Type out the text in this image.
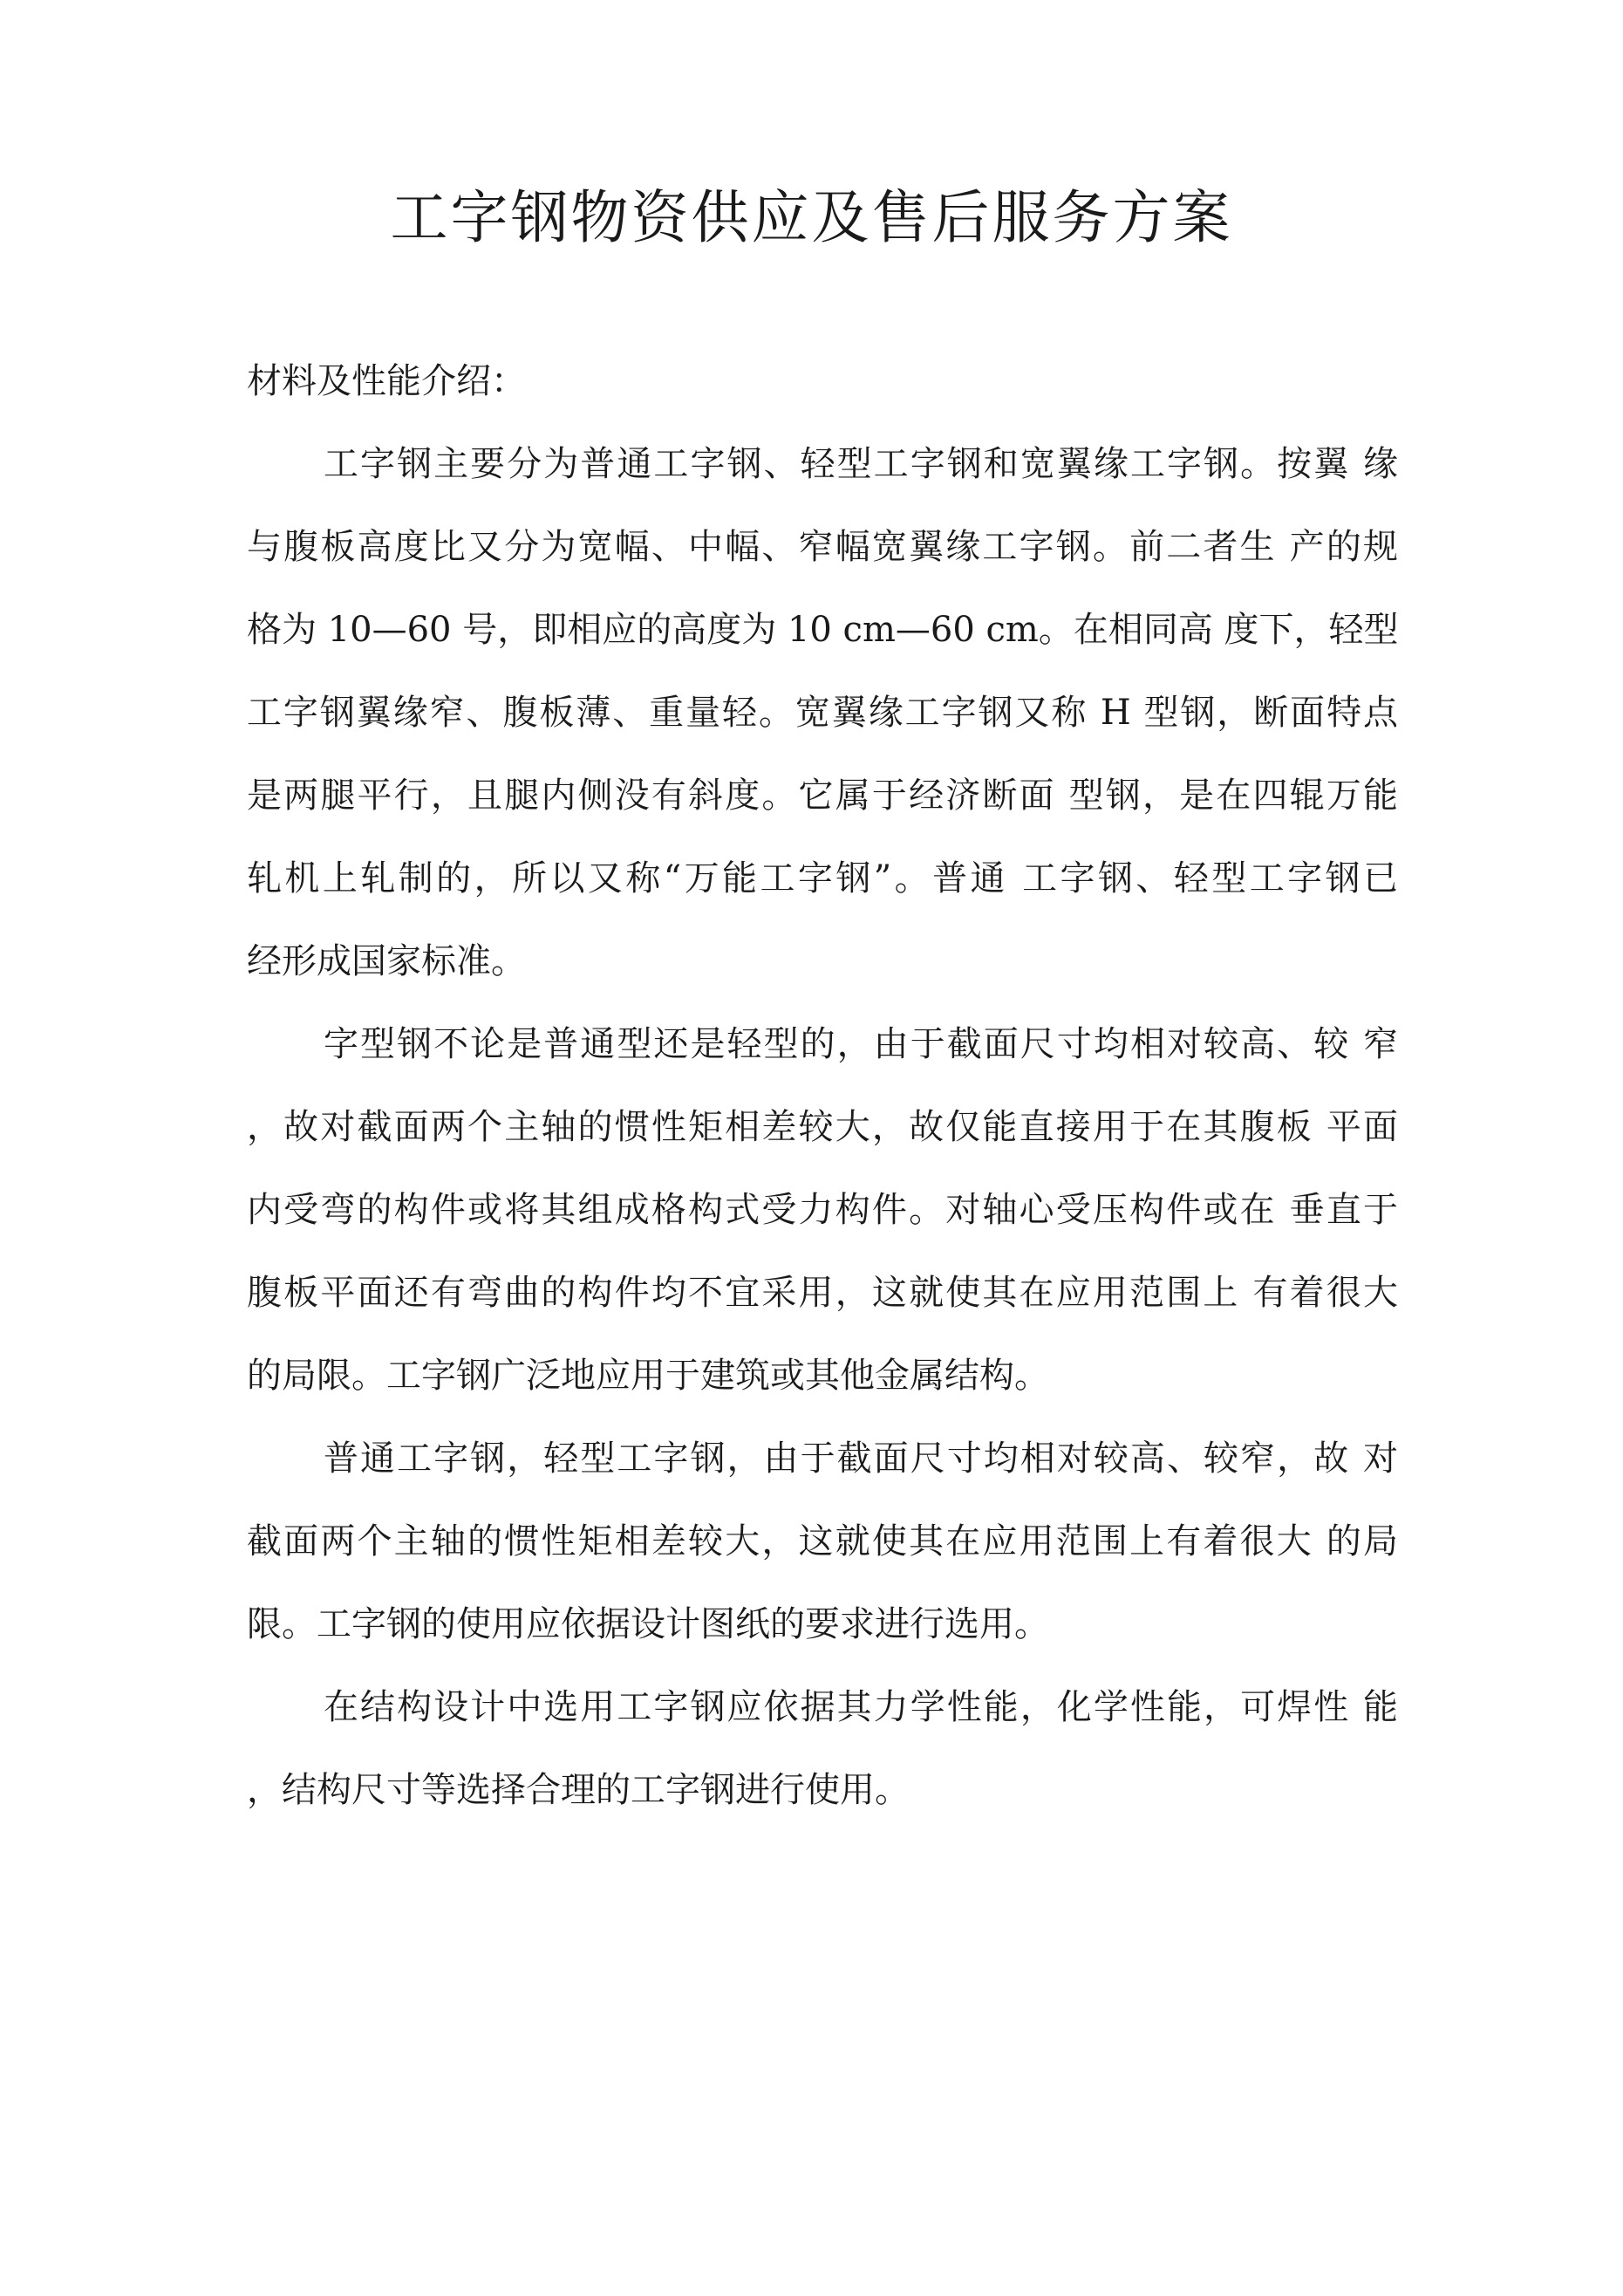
工字钢物资供应及售后服务方案
材料及性能介绍：
工字钢主要分为普通工字钢、轻型工字钢和宽翼缘工字钢。按翼 缘
与腹板高度比又分为宽幅、中幅、窄幅宽翼缘工字钢。前二者生 产的规
格为 10—60 号，即相应的高度为 10 cm—60 cm。在相同高 度下，轻型
工字钢翼缘窄、腹板薄、重量轻。宽翼缘工字钢又称 H 型钢，断面特点
是两腿平行，且腿内侧没有斜度。它属于经济断面 型钢，是在四辊万能
轧机上轧制的，所以又称“万能工字钢”。普通 工字钢、轻型工字钢已
经形成国家标准。
字型钢不论是普通型还是轻型的，由于截面尺寸均相对较高、较 窄
，故对截面两个主轴的惯性矩相差较大，故仅能直接用于在其腹板 平面
内受弯的构件或将其组成格构式受力构件。对轴心受压构件或在 垂直于
腹板平面还有弯曲的构件均不宜采用，这就使其在应用范围上 有着很大
的局限。工字钢广泛地应用于建筑或其他金属结构。
普通工字钢，轻型工字钢，由于截面尺寸均相对较高、较窄，故 对
截面两个主轴的惯性矩相差较大，这就使其在应用范围上有着很大 的局
限。工字钢的使用应依据设计图纸的要求进行选用。
在结构设计中选用工字钢应依据其力学性能，化学性能，可焊性 能
，结构尺寸等选择合理的工字钢进行使用。
